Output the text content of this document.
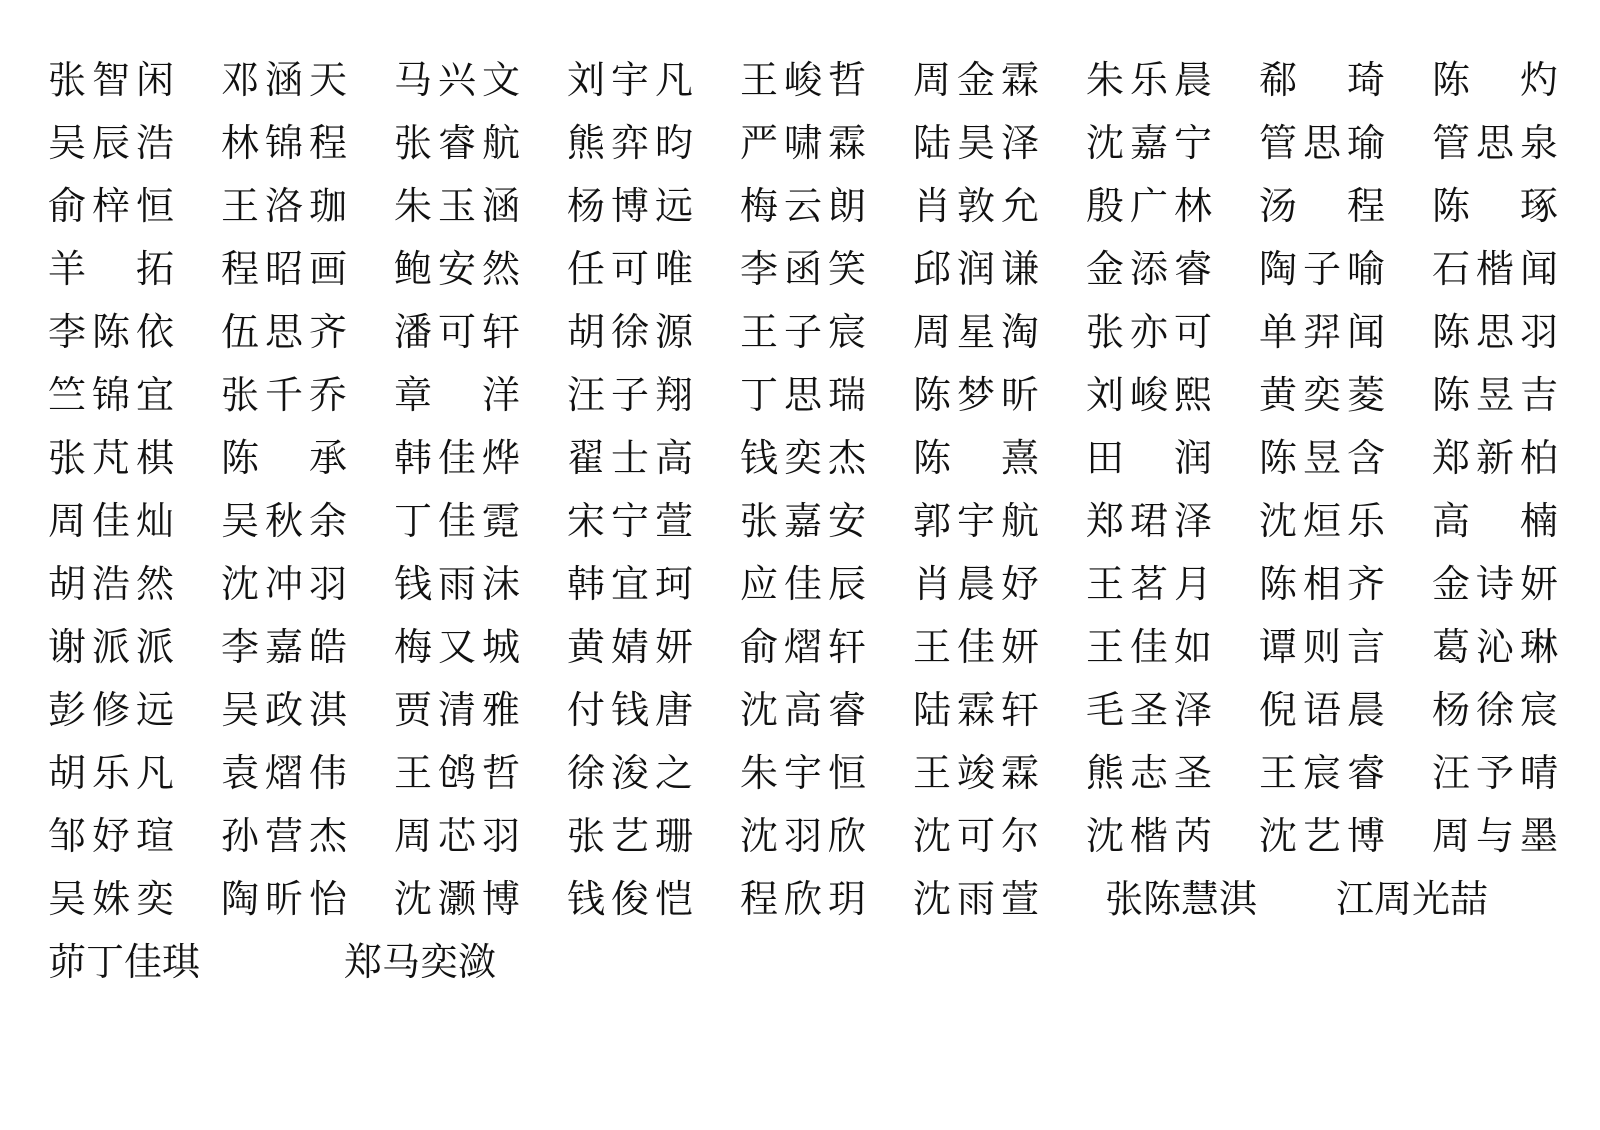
张智闲 邓涵天 马兴文 刘宇凡 王峻哲 周金霖 朱乐晨 郗 琦 陈 灼
吴辰浩 林锦程 张睿航 熊弈昀 严啸霖 陆昊泽 沈嘉宁 管思瑜 管思泉
俞梓恒 王洛珈 朱玉涵 杨博远 梅云朗 肖敦允 殷广林 汤 程 陈 琢
羊 拓 程昭画 鲍安然 任可唯 李函笑 邱润谦 金添睿 陶子喻 石楷闻
李陈依 伍思齐 潘可轩 胡徐源 王子宸 周星淘 张亦可 单羿闻 陈思羽
竺锦宜 张千乔 章 洋 汪子翔 丁思瑞 陈梦昕 刘峻熙 黄奕菱 陈昱吉
张芃棋 陈 承 韩佳烨 翟士高 钱奕杰 陈 熹 田 润 陈昱含 郑新柏
周佳灿 吴秋余 丁佳霓 宋宁萱 张嘉安 郭宇航 郑珺泽 沈烜乐 高 楠
胡浩然 沈冲羽 钱雨沫 韩宜珂 应佳辰 肖晨妤 王茗月 陈相齐 金诗妍
谢派派 李嘉皓 梅又城 黄婧妍 俞熠轩 王佳妍 王佳如 谭则言 葛沁琳
彭修远 吴政淇 贾清雅 付钱唐 沈高睿 陆霖轩 毛圣泽 倪语晨 杨徐宸
胡乐凡 袁熠伟 王鸧哲 徐浚之 朱宇恒 王竣霖 熊志圣 王宸睿 汪予晴
邹妤瑄 孙营杰 周芯羽 张艺珊 沈羽欣 沈可尔 沈楷芮 沈艺博 周与墨
吴姝奕 陶昕怡 沈灏博 钱俊恺 程欣玥 沈雨萱 张陈慧淇 江周光喆
茆丁佳琪	郑马奕潋
